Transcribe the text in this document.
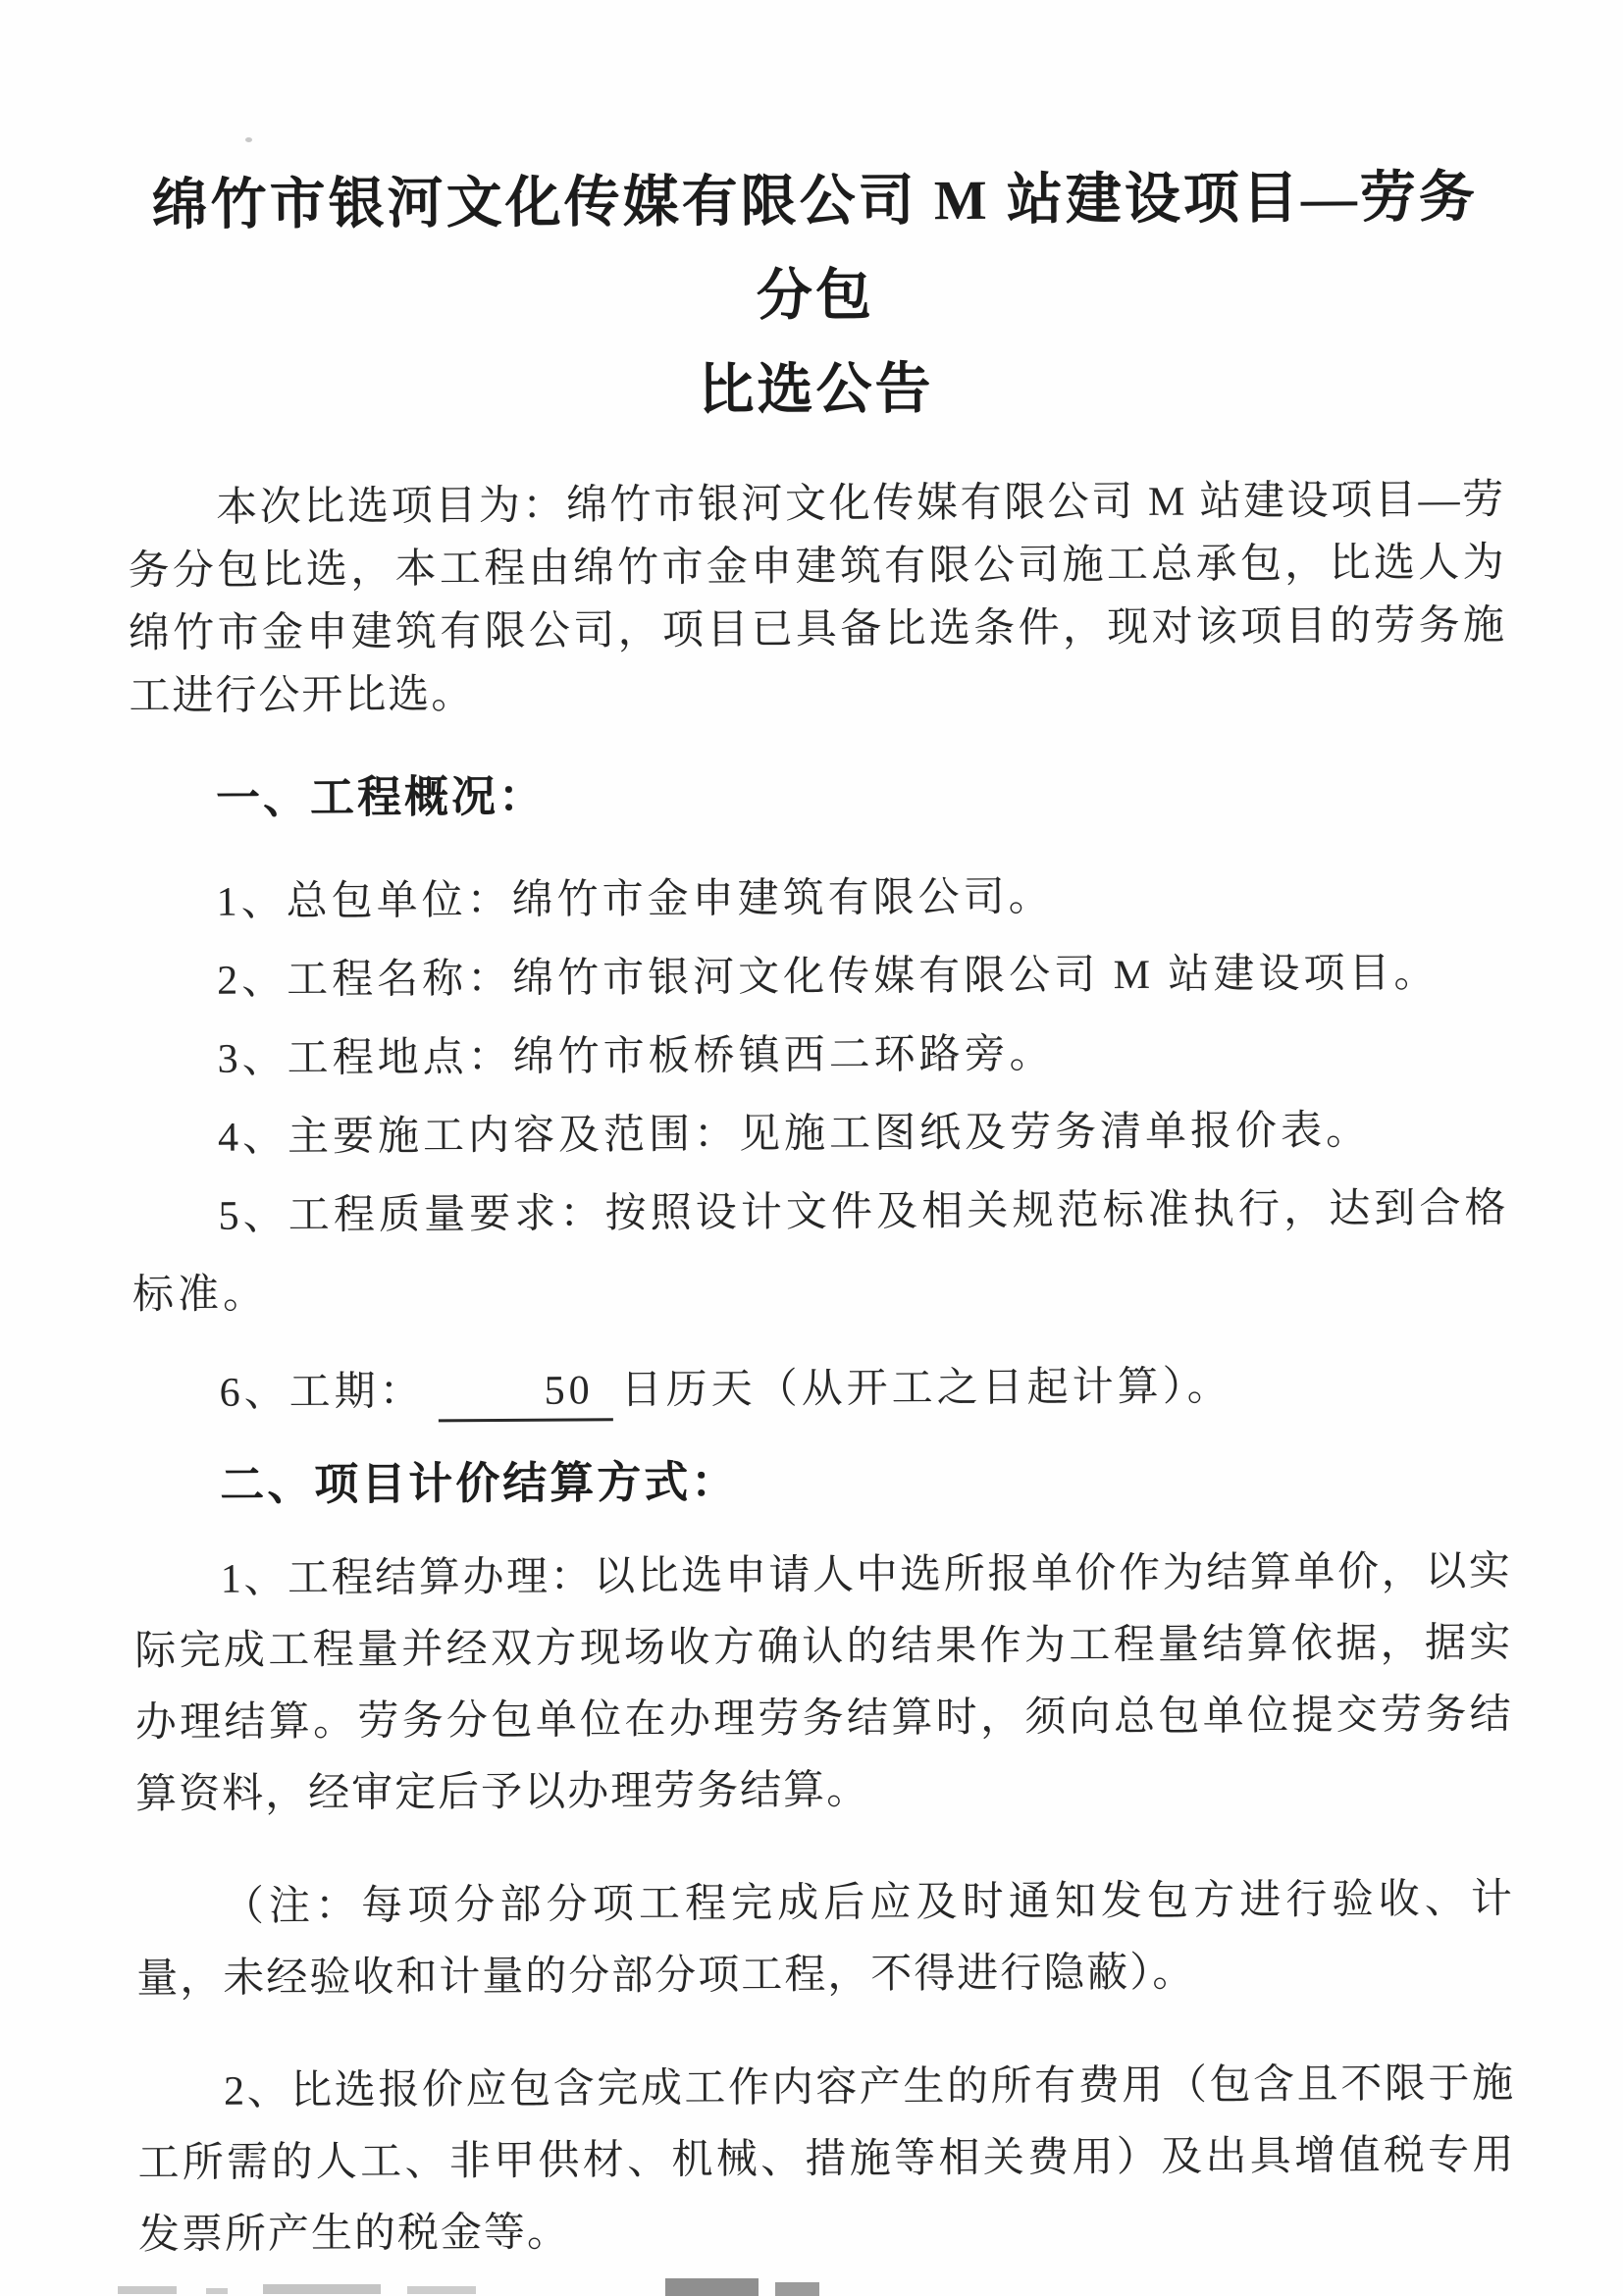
绵竹市银河文化传媒有限公司 M 站建设项目—劳务分包
比选公告

本次比选项目为：绵竹市银河文化传媒有限公司 M 站建设项目—劳务分包比选，本工程由绵竹市金申建筑有限公司施工总承包，比选人为绵竹市金申建筑有限公司，项目已具备比选条件，现对该项目的劳务施工进行公开比选。

一、工程概况：
1、总包单位：绵竹市金申建筑有限公司。
2、工程名称：绵竹市银河文化传媒有限公司 M 站建设项目。
3、工程地点：绵竹市板桥镇西二环路旁。
4、主要施工内容及范围：见施工图纸及劳务清单报价表。
5、工程质量要求：按照设计文件及相关规范标准执行，达到合格标准。
6、工期：	50 日历天（从开工之日起计算）。
二、项目计价结算方式：

1、工程结算办理：以比选申请人中选所报单价作为结算单价，以实际完成工程量并经双方现场收方确认的结果作为工程量结算依据，据实办理结算。劳务分包单位在办理劳务结算时，须向总包单位提交劳务结算资料，经审定后予以办理劳务结算。

（注：每项分部分项工程完成后应及时通知发包方进行验收、计量，未经验收和计量的分部分项工程，不得进行隐蔽）。

2、比选报价应包含完成工作内容产生的所有费用（包含且不限于施工所需的人工、非甲供材、机械、措施等相关费用）及出具增值税专用发票所产生的税金等。
